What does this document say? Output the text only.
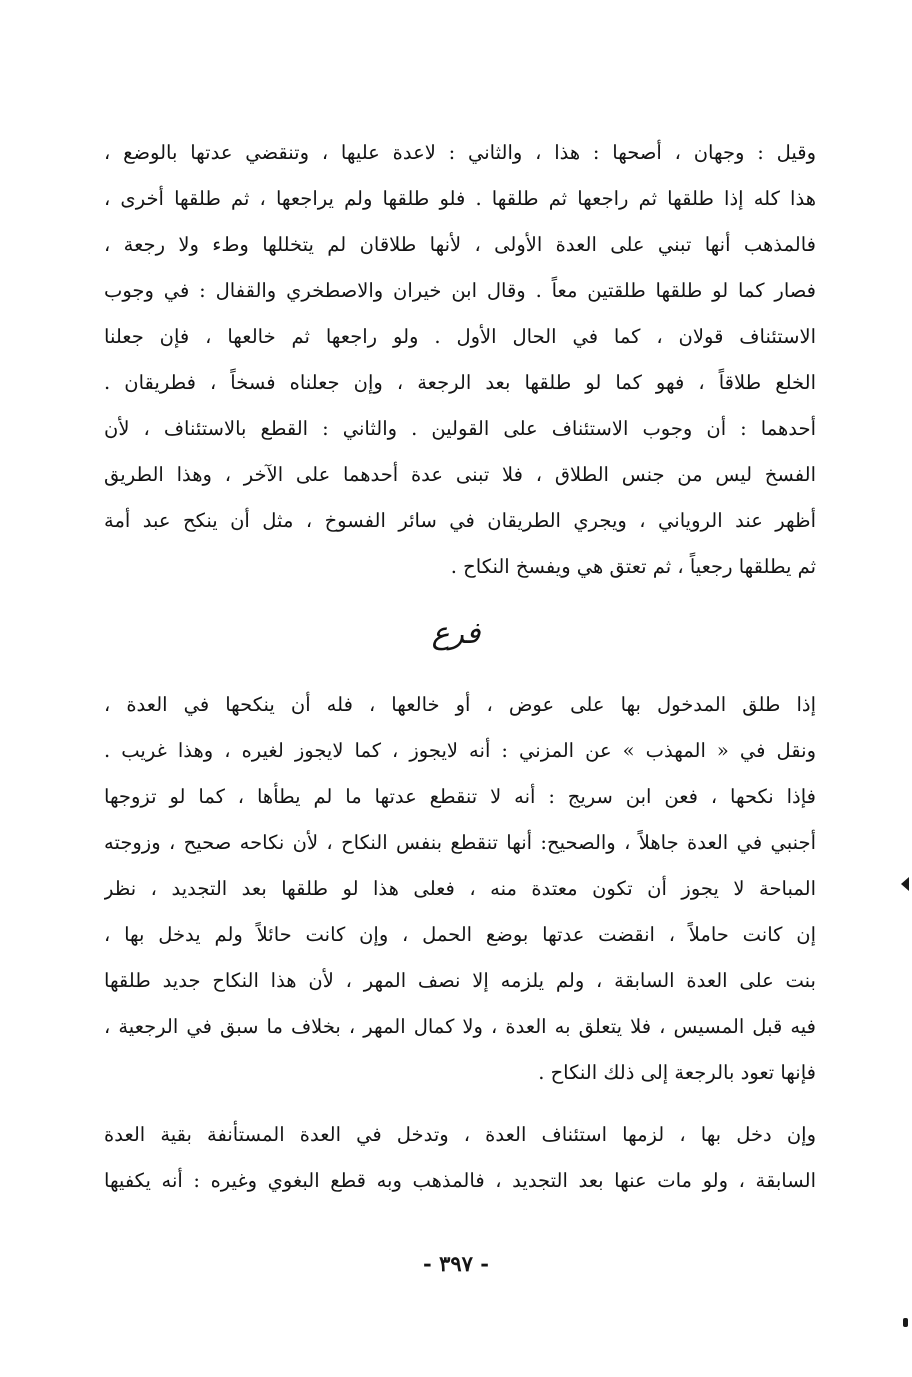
وقيل : وجهان ، أصحها : هذا ، والثاني : لاعدة عليها ، وتنقضي عدتها بالوضع ،
هذا كله إذا طلقها ثم راجعها ثم طلقها . فلو طلقها ولم يراجعها ، ثم طلقها أخرى ،
فالمذهب أنها تبني على العدة الأولى ، لأنها طلاقان لم يتخللها وطء ولا رجعة ،
فصار كما لو طلقها طلقتين معاً . وقال ابن خيران والاصطخري والقفال : في وجوب
الاستئناف قولان ، كما في الحال الأول . ولو راجعها ثم خالعها ، فإن جعلنا
الخلع طلاقاً ، فهو كما لو طلقها بعد الرجعة ، وإن جعلناه فسخاً ، فطريقان .
أحدهما : أن وجوب الاستئناف على القولين . والثاني : القطع بالاستئناف ، لأن
الفسخ ليس من جنس الطلاق ، فلا تبنى عدة أحدهما على الآخر ، وهذا الطريق
أظهر عند الروياني ، ويجري الطريقان في سائر الفسوخ ، مثل أن ينكح عبد أمة
ثم يطلقها رجعياً ، ثم تعتق هي ويفسخ النكاح .
فرع
إذا طلق المدخول بها على عوض ، أو خالعها ، فله أن ينكحها في العدة ،
ونقل في « المهذب » عن المزني : أنه لايجوز ، كما لايجوز لغيره ، وهذا غريب .
فإذا نكحها ، فعن ابن سريج : أنه لا تنقطع عدتها ما لم يطأها ، كما لو تزوجها
أجنبي في العدة جاهلاً ، والصحيح: أنها تنقطع بنفس النكاح ، لأن نكاحه صحيح ، وزوجته
المباحة لا يجوز أن تكون معتدة منه ، فعلى هذا لو طلقها بعد التجديد ، نظر
إن كانت حاملاً ، انقضت عدتها بوضع الحمل ، وإن كانت حائلاً ولم يدخل بها ،
بنت على العدة السابقة ، ولم يلزمه إلا نصف المهر ، لأن هذا النكاح جديد طلقها
فيه قبل المسيس ، فلا يتعلق به العدة ، ولا كمال المهر ، بخلاف ما سبق في الرجعية ،
فإنها تعود بالرجعة إلى ذلك النكاح .
وإن دخل بها ، لزمها استئناف العدة ، وتدخل في العدة المستأنفة بقية العدة
السابقة ، ولو مات عنها بعد التجديد ، فالمذهب وبه قطع البغوي وغيره : أنه يكفيها
- ٣٩٧ -
